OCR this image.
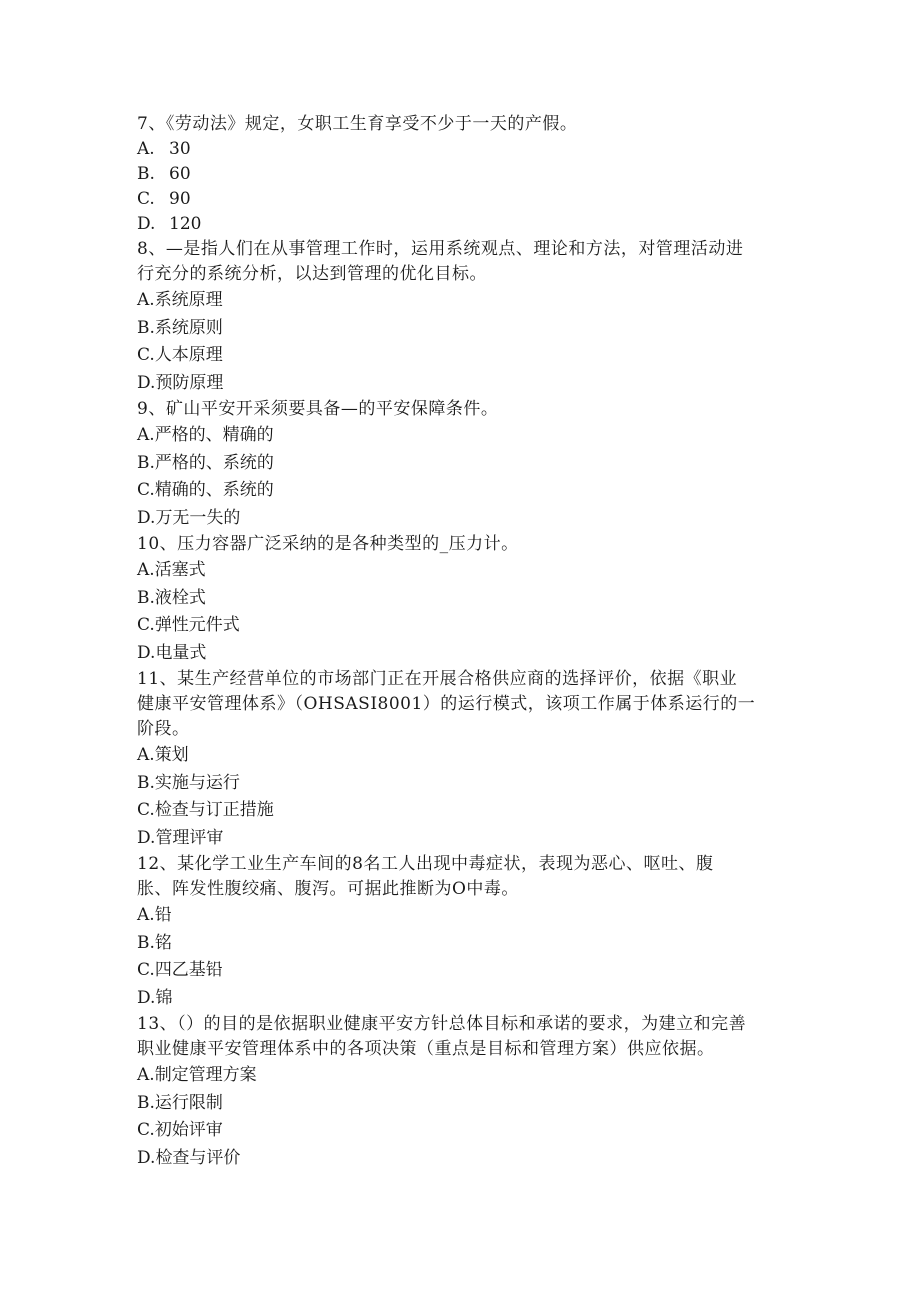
7、《劳动法》规定，女职工生育享受不少于一天的产假。
A. 30
B. 60
C. 90
D. 120
8、—是指人们在从事管理工作时，运用系统观点、理论和方法，对管理活动进
行充分的系统分析，以达到管理的优化目标。
A.系统原理
B.系统原则
C.人本原理
D.预防原理
9、矿山平安开采须要具备—的平安保障条件。
A.严格的、精确的
B.严格的、系统的
C.精确的、系统的
D.万无一失的
10、压力容器广泛采纳的是各种类型的_压力计。
A.活塞式
B.液栓式
C.弹性元件式
D.电量式
11、某生产经营单位的市场部门正在开展合格供应商的选择评价，依据《职业
健康平安管理体系》（OHSASI8001）的运行模式，该项工作属于体系运行的一
阶段。
A.策划
B.实施与运行
C.检查与订正措施
D.管理评审
12、某化学工业生产车间的8名工人出现中毒症状，表现为恶心、呕吐、腹
胀、阵发性腹绞痛、腹泻。可据此推断为O中毒。
A.铅
B.铭
C.四乙基铅
D.锦
13、（）的目的是依据职业健康平安方针总体目标和承诺的要求，为建立和完善
职业健康平安管理体系中的各项决策（重点是目标和管理方案）供应依据。
A.制定管理方案
B.运行限制
C.初始评审
D.检查与评价
